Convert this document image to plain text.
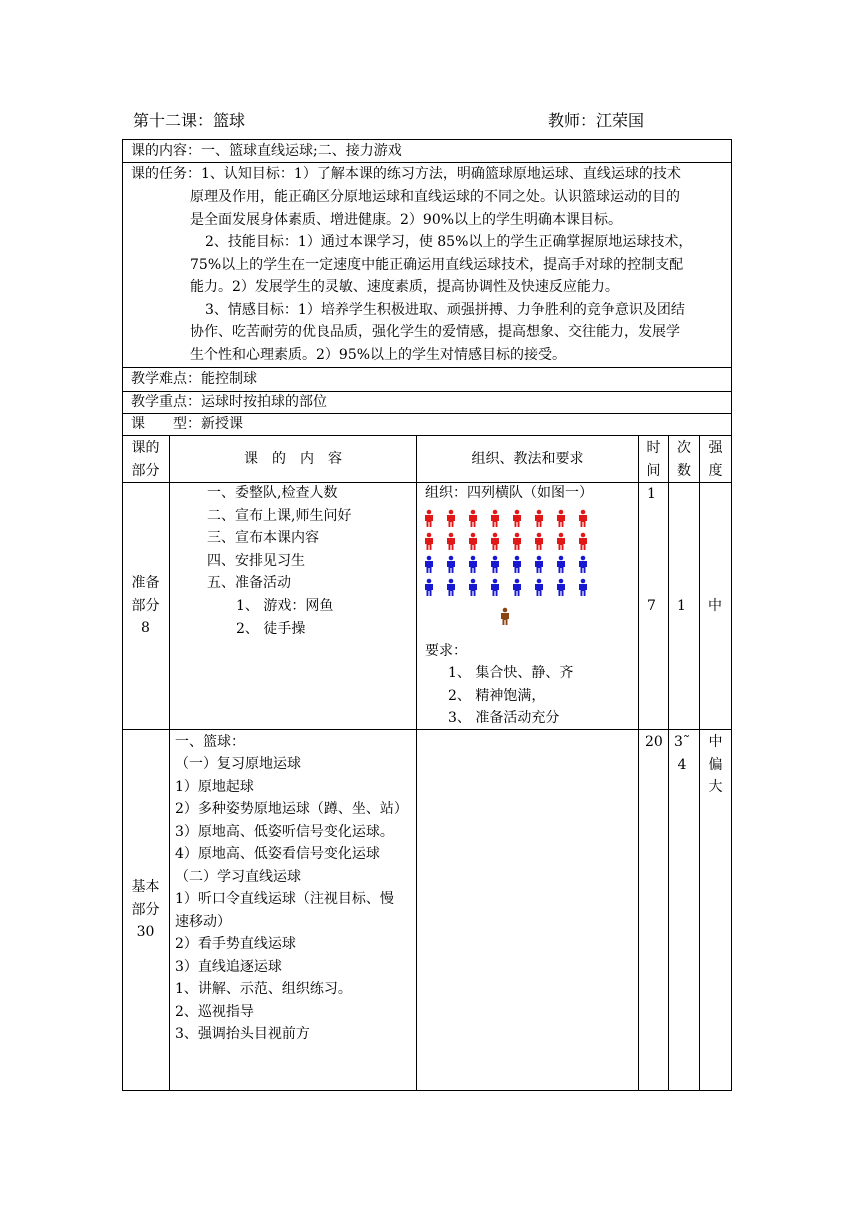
第十二课：篮球	教师：江荣国
课的内容：一、篮球直线运球;二、接力游戏
课的任务： 1、认知目标：1）了解本课的练习方法，明确篮球原地运球、直线运球的技术
原理及作用，能正确区分原地运球和直线运球的不同之处。认识篮球运动的目的
是全面发展身体素质、增进健康。2）90%以上的学生明确本课目标。
2、技能目标：1）通过本课学习，使 85%以上的学生正确掌握原地运球技术，
75%以上的学生在一定速度中能正确运用直线运球技术，提高手对球的控制支配
能力。2）发展学生的灵敏、速度素质，提高协调性及快速反应能力。
3、情感目标：1）培养学生积极进取、顽强拼搏、力争胜利的竞争意识及团结
协作、吃苦耐劳的优良品质，强化学生的爱情感，提高想象、交往能力，发展学
生个性和心理素质。2）95%以上的学生对情感目标的接受。
教学难点：能控制球
教学重点：运球时按拍球的部位
课　　型：新授课
课的
部分
课　的　内　容	组织、教法和要求
时
间
次
数
强
度
准备
部分
8
一、委整队,检查人数
二、宣布上课,师生问好
三、宣布本课内容
四、安排见习生
五、准备活动
1、 游戏：网鱼
2、 徒手操
组织：四列横队（如图一）
要求：
1、 集合快、静、齐
2、 精神饱满，
3、 准备活动充分
1
7 1 中
基本
部分
30
一、篮球：
（一）复习原地运球
1）原地起球
2）多种姿势原地运球（蹲、坐、站）
3）原地高、低姿听信号变化运球。
4）原地高、低姿看信号变化运球
（二）学习直线运球
1）听口令直线运球（注视目标、慢
速移动）
2）看手势直线运球
3）直线追逐运球
1、讲解、示范、组织练习。
2、巡视指导
3、强调抬头目视前方
20 3˜
4
中
偏
大
